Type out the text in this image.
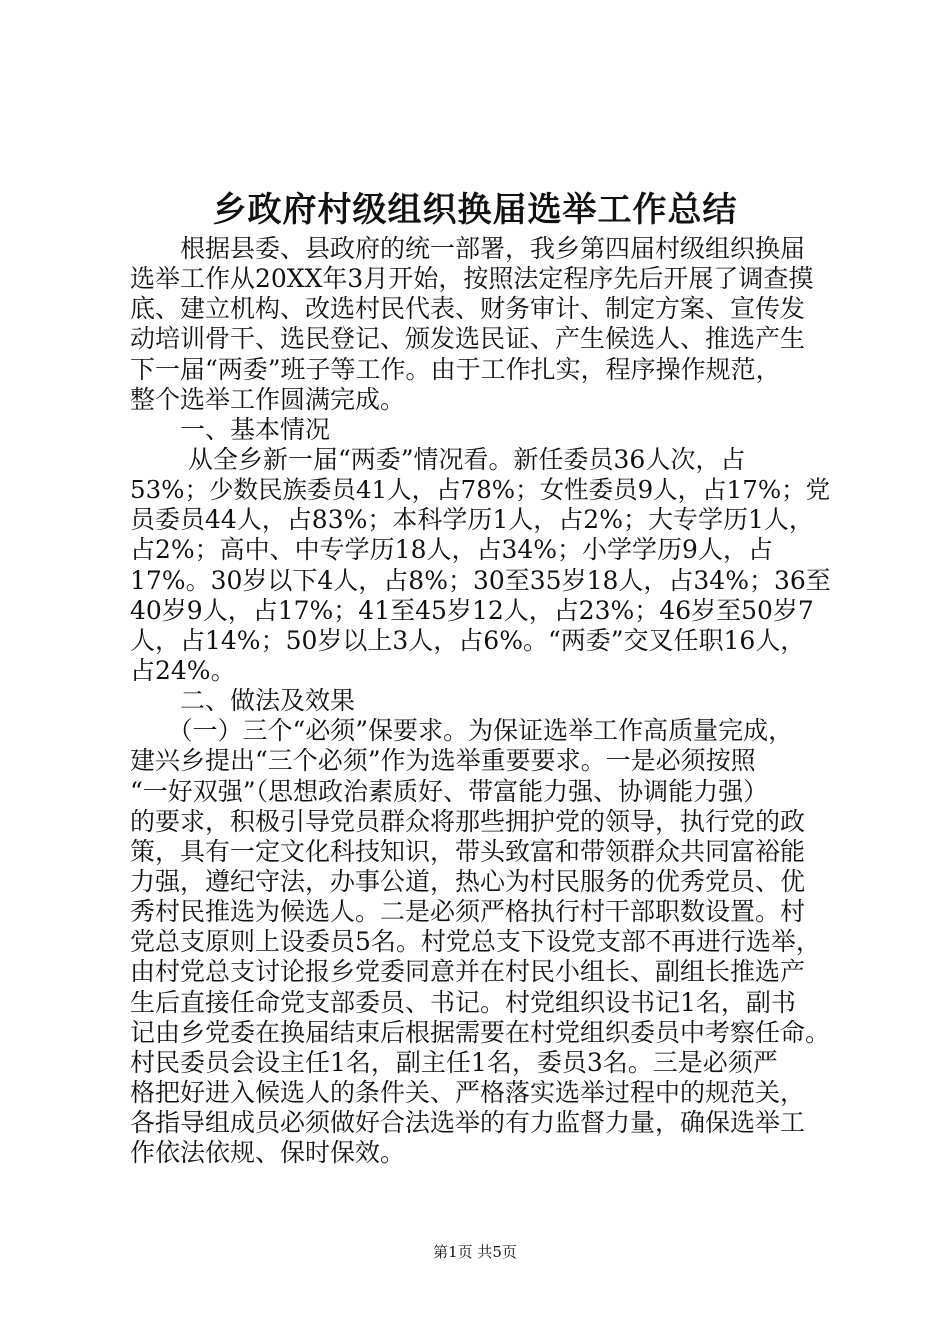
乡政府村级组织换届选举工作总结
　　根据县委、县政府的统一部署，我乡第四届村级组织换届
选举工作从20XX年3月开始，按照法定程序先后开展了调查摸
底、建立机构、改选村民代表、财务审计、制定方案、宣传发
动培训骨干、选民登记、颁发选民证、产生候选人、推选产生
下一届“两委”班子等工作。由于工作扎实，程序操作规范，
整个选举工作圆满完成。
　　一、基本情况
　　 从全乡新一届“两委”情况看。新任委员36人次，占
53%；少数民族委员41人，占78%；女性委员9人，占17%；党
员委员44人，占83%；本科学历1人，占2%；大专学历1人，
占2%；高中、中专学历18人，占34%；小学学历9人，占
17%。30岁以下4人，占8%；30至35岁18人，占34%；36至
40岁9人，占17%；41至45岁12人，占23%；46岁至50岁7
人，占14%；50岁以上3人，占6%。“两委”交叉任职16人，
占24%。
　　二、做法及效果
　　（一）三个“必须”保要求。为保证选举工作高质量完成，
建兴乡提出“三个必须”作为选举重要要求。一是必须按照
“一好双强”（思想政治素质好、带富能力强、协调能力强）
的要求，积极引导党员群众将那些拥护党的领导，执行党的政
策，具有一定文化科技知识，带头致富和带领群众共同富裕能
力强，遵纪守法，办事公道，热心为村民服务的优秀党员、优
秀村民推选为候选人。二是必须严格执行村干部职数设置。村
党总支原则上设委员5名。村党总支下设党支部不再进行选举，
由村党总支讨论报乡党委同意并在村民小组长、副组长推选产
生后直接任命党支部委员、书记。村党组织设书记1名，副书
记由乡党委在换届结束后根据需要在村党组织委员中考察任命。
村民委员会设主任1名，副主任1名，委员3名。三是必须严
格把好进入候选人的条件关、严格落实选举过程中的规范关，
各指导组成员必须做好合法选举的有力监督力量，确保选举工
作依法依规、保时保效。
第1页 共5页
